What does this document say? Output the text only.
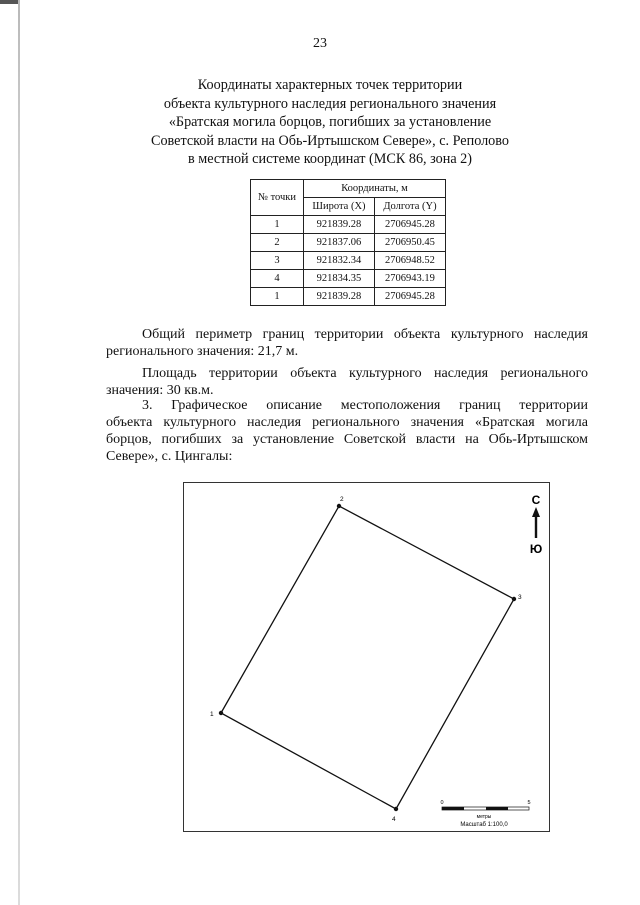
23
Координаты характерных точек территории
объекта культурного наследия регионального значения
«Братская могила борцов, погибших за установление
Советской власти на Обь-Иртышском Севере», с. Реполово
в местной системе координат (МСК 86, зона 2)
№ точки	Координаты, м	
	Широта (X)	Долгота (Y)
1	921839.28	2706945.28
2	921837.06	2706950.45
3	921832.34	2706948.52
4	921834.35	2706943.19
1	921839.28	2706945.28
Общий периметр границ территории объекта культурного наследия
регионального значения: 21,7 м.
Площадь территории объекта культурного наследия регионального
значения: 30 кв.м.
3. Графическое описание местоположения границ территории
объекта культурного наследия регионального значения «Братская могила
борцов, погибших за установление Советской власти на Обь-Иртышском
Севере», с. Цингалы:
1
2
3
4
С
Ю
0	5
метры
Масштаб 1:100,0
